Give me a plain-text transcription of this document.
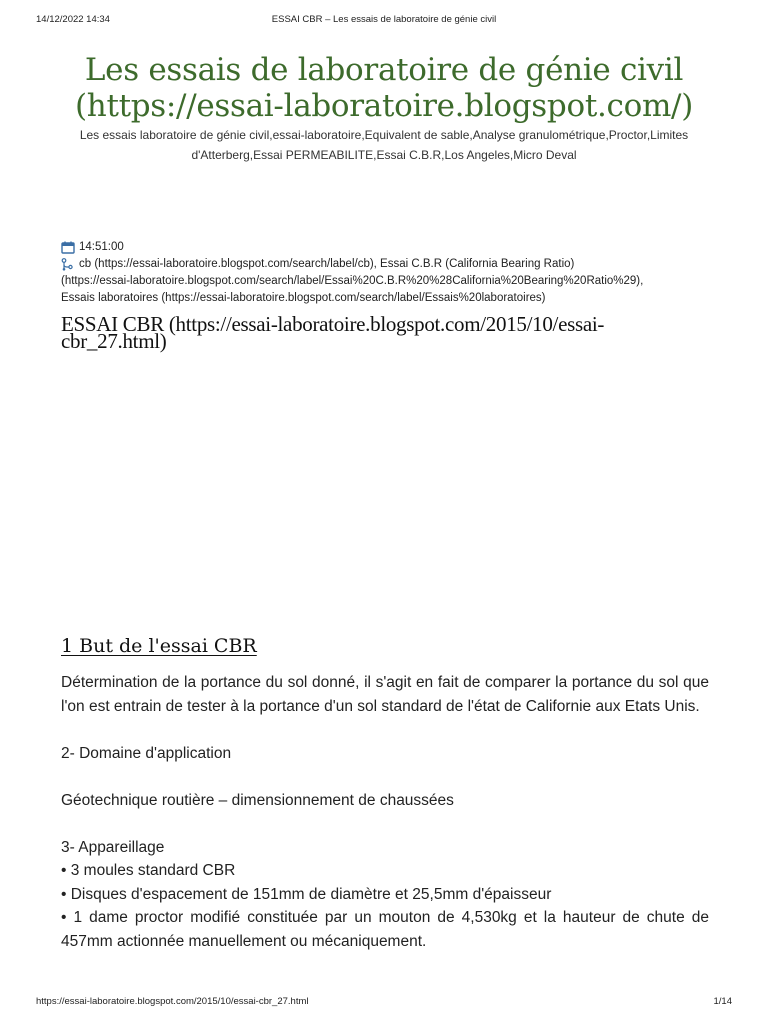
14/12/2022 14:34	ESSAI CBR – Les essais de laboratoire de génie civil
Les essais de laboratoire de génie civil
(https://essai-laboratoire.blogspot.com/)
Les essais laboratoire de génie civil,essai-laboratoire,Equivalent de sable,Analyse granulométrique,Proctor,Limites
d'Atterberg,Essai PERMEABILITE,Essai C.B.R,Los Angeles,Micro Deval
14:51:00
cb (https://essai-laboratoire.blogspot.com/search/label/cb), Essai C.B.R (California Bearing Ratio)
(https://essai-laboratoire.blogspot.com/search/label/Essai%20C.B.R%20%28California%20Bearing%20Ratio%29),
Essais laboratoires (https://essai-laboratoire.blogspot.com/search/label/Essais%20laboratoires)
ESSAI CBR (https://essai-laboratoire.blogspot.com/2015/10/essai-
cbr_27.html)
1 But de l'essai CBR

Détermination de la portance du sol donné, il s'agit en fait de comparer la portance du sol que l'on est entrain de tester à la portance d'un sol standard de l'état de Californie aux Etats Unis.

2- Domaine d'application

Géotechnique routière – dimensionnement de chaussées

3- Appareillage

• 3 moules standard CBR

• Disques d'espacement de 151mm de diamètre et 25,5mm d'épaisseur

• 1 dame proctor modifié constituée par un mouton de 4,530kg et la hauteur de chute de 457mm actionnée manuellement ou mécaniquement.

https://essai-laboratoire.blogspot.com/2015/10/essai-cbr_27.html	1/14
